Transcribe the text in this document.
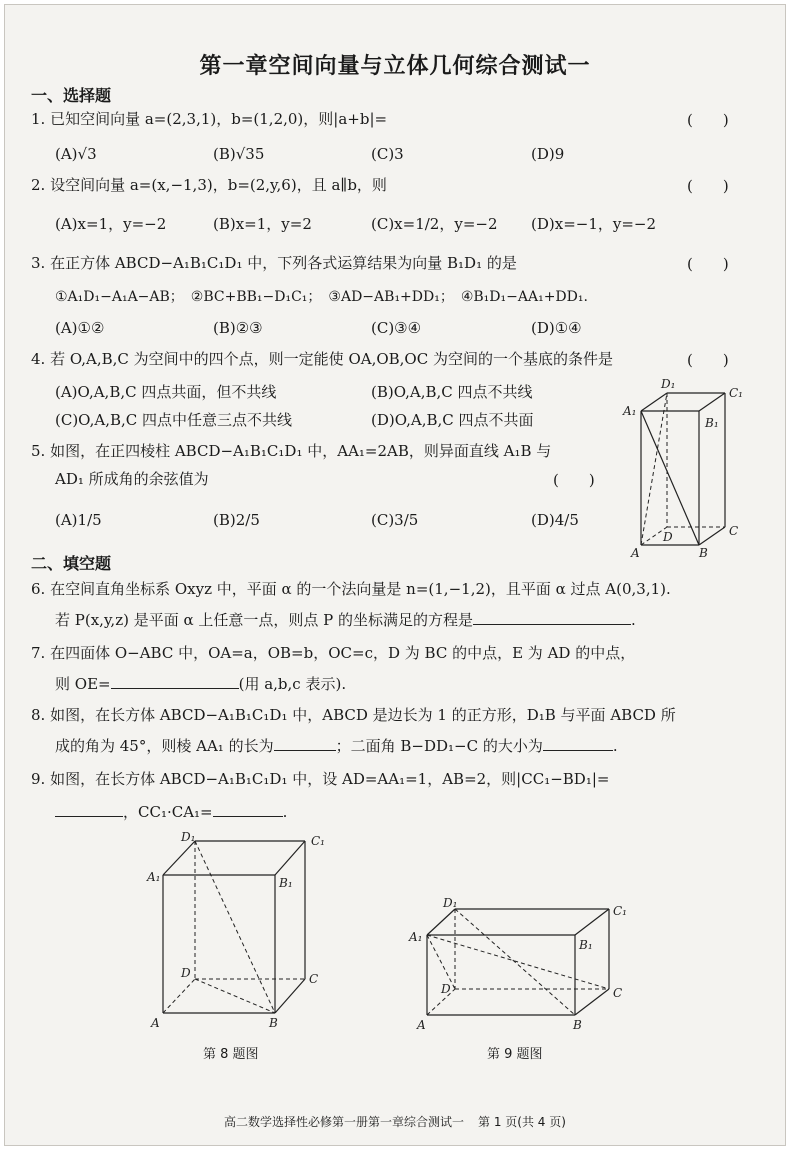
第一章空间向量与立体几何综合测试一
一、选择题
1. 已知空间向量 a=(2,3,1)，b=(1,2,0)，则|a+b|=	(　　)
(A)√3	(B)√35	(C)3	(D)9
2. 设空间向量 a=(x,−1,3)，b=(2,y,6)，且 a∥b，则	(　　)
(A)x=1，y=−2	(B)x=1，y=2	(C)x=1/2，y=−2 (D)x=−1，y=−2
3. 在正方体 ABCD−A₁B₁C₁D₁ 中，下列各式运算结果为向量 B₁D₁ 的是	(　　)
①A₁D₁−A₁A−AB；　②BC+BB₁−D₁C₁；　③AD−AB₁+DD₁；　④B₁D₁−AA₁+DD₁.
(A)①②	(B)②③	(C)③④	(D)①④
4. 若 O,A,B,C 为空间中的四个点，则一定能使 OA,OB,OC 为空间的一个基底的条件是	(　　)
(A)O,A,B,C 四点共面，但不共线	(B)O,A,B,C 四点不共线
(C)O,A,B,C 四点中任意三点不共线	(D)O,A,B,C 四点不共面
5. 如图，在正四棱柱 ABCD−A₁B₁C₁D₁ 中，AA₁=2AB，则异面直线 A₁B 与
AD₁ 所成角的余弦值为	(　　)
(A)1/5	(B)2/5	(C)3/5	(D)4/5
D₁
C₁
A₁
B₁
D	C
A	B
二、填空题
6. 在空间直角坐标系 Oxyz 中，平面 α 的一个法向量是 n=(1,−1,2)，且平面 α 过点 A(0,3,1).
若 P(x,y,z) 是平面 α 上任意一点，则点 P 的坐标满足的方程是	.
7. 在四面体 O−ABC 中，OA=a，OB=b，OC=c，D 为 BC 的中点，E 为 AD 的中点，
则 OE=	(用 a,b,c 表示).
8. 如图，在长方体 ABCD−A₁B₁C₁D₁ 中，ABCD 是边长为 1 的正方形，D₁B 与平面 ABCD 所
成的角为 45°，则棱 AA₁ 的长为	；二面角 B−DD₁−C 的大小为	.
9. 如图，在长方体 ABCD−A₁B₁C₁D₁ 中，设 AD=AA₁=1，AB=2，则|CC₁−BD₁|=
，CC₁·CA₁=	.
D₁	C₁
A₁	B₁
D	C
A	B
第 8 题图
D₁
C₁
A₁
B₁
D	C
A	B
第 9 题图
高二数学选择性必修第一册第一章综合测试一 第 1 页(共 4 页)
